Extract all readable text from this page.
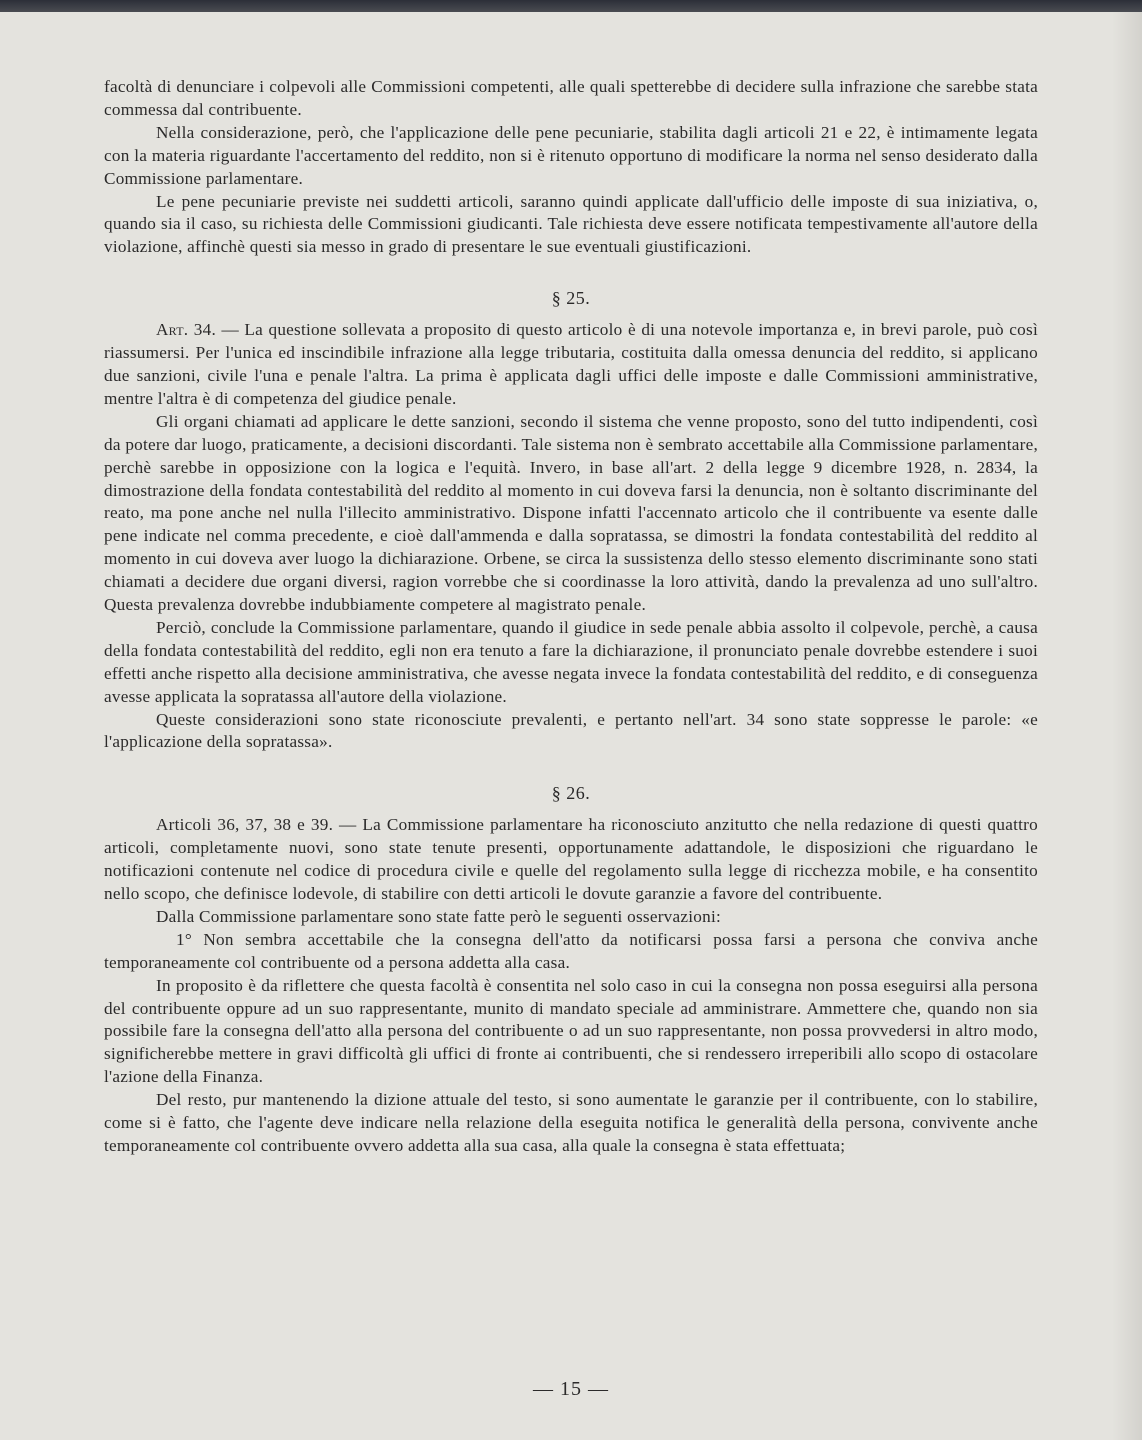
facoltà di denunciare i colpevoli alle Commissioni competenti, alle quali spetterebbe di decidere sulla infrazione che sarebbe stata commessa dal contribuente.

Nella considerazione, però, che l'applicazione delle pene pecuniarie, stabilita dagli articoli 21 e 22, è intimamente legata con la materia riguardante l'accertamento del reddito, non si è ritenuto opportuno di modificare la norma nel senso desiderato dalla Commissione parlamentare.

Le pene pecuniarie previste nei suddetti articoli, saranno quindi applicate dall'ufficio delle imposte di sua iniziativa, o, quando sia il caso, su richiesta delle Commissioni giudicanti. Tale richiesta deve essere notificata tempestivamente all'autore della violazione, affinchè questi sia messo in grado di presentare le sue eventuali giustificazioni.

§ 25.

Art. 34. — La questione sollevata a proposito di questo articolo è di una notevole importanza e, in brevi parole, può così riassumersi. Per l'unica ed inscindibile infrazione alla legge tributaria, costituita dalla omessa denuncia del reddito, si applicano due sanzioni, civile l'una e penale l'altra. La prima è applicata dagli uffici delle imposte e dalle Commissioni amministrative, mentre l'altra è di competenza del giudice penale.

Gli organi chiamati ad applicare le dette sanzioni, secondo il sistema che venne proposto, sono del tutto indipendenti, così da potere dar luogo, praticamente, a decisioni discordanti. Tale sistema non è sembrato accettabile alla Commissione parlamentare, perchè sarebbe in opposizione con la logica e l'equità. Invero, in base all'art. 2 della legge 9 dicembre 1928, n. 2834, la dimostrazione della fondata contestabilità del reddito al momento in cui doveva farsi la denuncia, non è soltanto discriminante del reato, ma pone anche nel nulla l'illecito amministrativo. Dispone infatti l'accennato articolo che il contribuente va esente dalle pene indicate nel comma precedente, e cioè dall'ammenda e dalla sopratassa, se dimostri la fondata contestabilità del reddito al momento in cui doveva aver luogo la dichiarazione. Orbene, se circa la sussistenza dello stesso elemento discriminante sono stati chiamati a decidere due organi diversi, ragion vorrebbe che si coordinasse la loro attività, dando la prevalenza ad uno sull'altro. Questa prevalenza dovrebbe indubbiamente competere al magistrato penale.

Perciò, conclude la Commissione parlamentare, quando il giudice in sede penale abbia assolto il colpevole, perchè, a causa della fondata contestabilità del reddito, egli non era tenuto a fare la dichiarazione, il pronunciato penale dovrebbe estendere i suoi effetti anche rispetto alla decisione amministrativa, che avesse negata invece la fondata contestabilità del reddito, e di conseguenza avesse applicata la sopratassa all'autore della violazione.

Queste considerazioni sono state riconosciute prevalenti, e pertanto nell'art. 34 sono state soppresse le parole: «e l'applicazione della sopratassa».

§ 26.

Articoli 36, 37, 38 e 39. — La Commissione parlamentare ha riconosciuto anzitutto che nella redazione di questi quattro articoli, completamente nuovi, sono state tenute presenti, opportunamente adattandole, le disposizioni che riguardano le notificazioni contenute nel codice di procedura civile e quelle del regolamento sulla legge di ricchezza mobile, e ha consentito nello scopo, che definisce lodevole, di stabilire con detti articoli le dovute garanzie a favore del contribuente.

Dalla Commissione parlamentare sono state fatte però le seguenti osservazioni:

1° Non sembra accettabile che la consegna dell'atto da notificarsi possa farsi a persona che conviva anche temporaneamente col contribuente od a persona addetta alla casa.

In proposito è da riflettere che questa facoltà è consentita nel solo caso in cui la consegna non possa eseguirsi alla persona del contribuente oppure ad un suo rappresentante, munito di mandato speciale ad amministrare. Ammettere che, quando non sia possibile fare la consegna dell'atto alla persona del contribuente o ad un suo rappresentante, non possa provvedersi in altro modo, significherebbe mettere in gravi difficoltà gli uffici di fronte ai contribuenti, che si rendessero irreperibili allo scopo di ostacolare l'azione della Finanza.

Del resto, pur mantenendo la dizione attuale del testo, si sono aumentate le garanzie per il contribuente, con lo stabilire, come si è fatto, che l'agente deve indicare nella relazione della eseguita notifica le generalità della persona, convivente anche temporaneamente col contribuente ovvero addetta alla sua casa, alla quale la consegna è stata effettuata;

— 15 —
